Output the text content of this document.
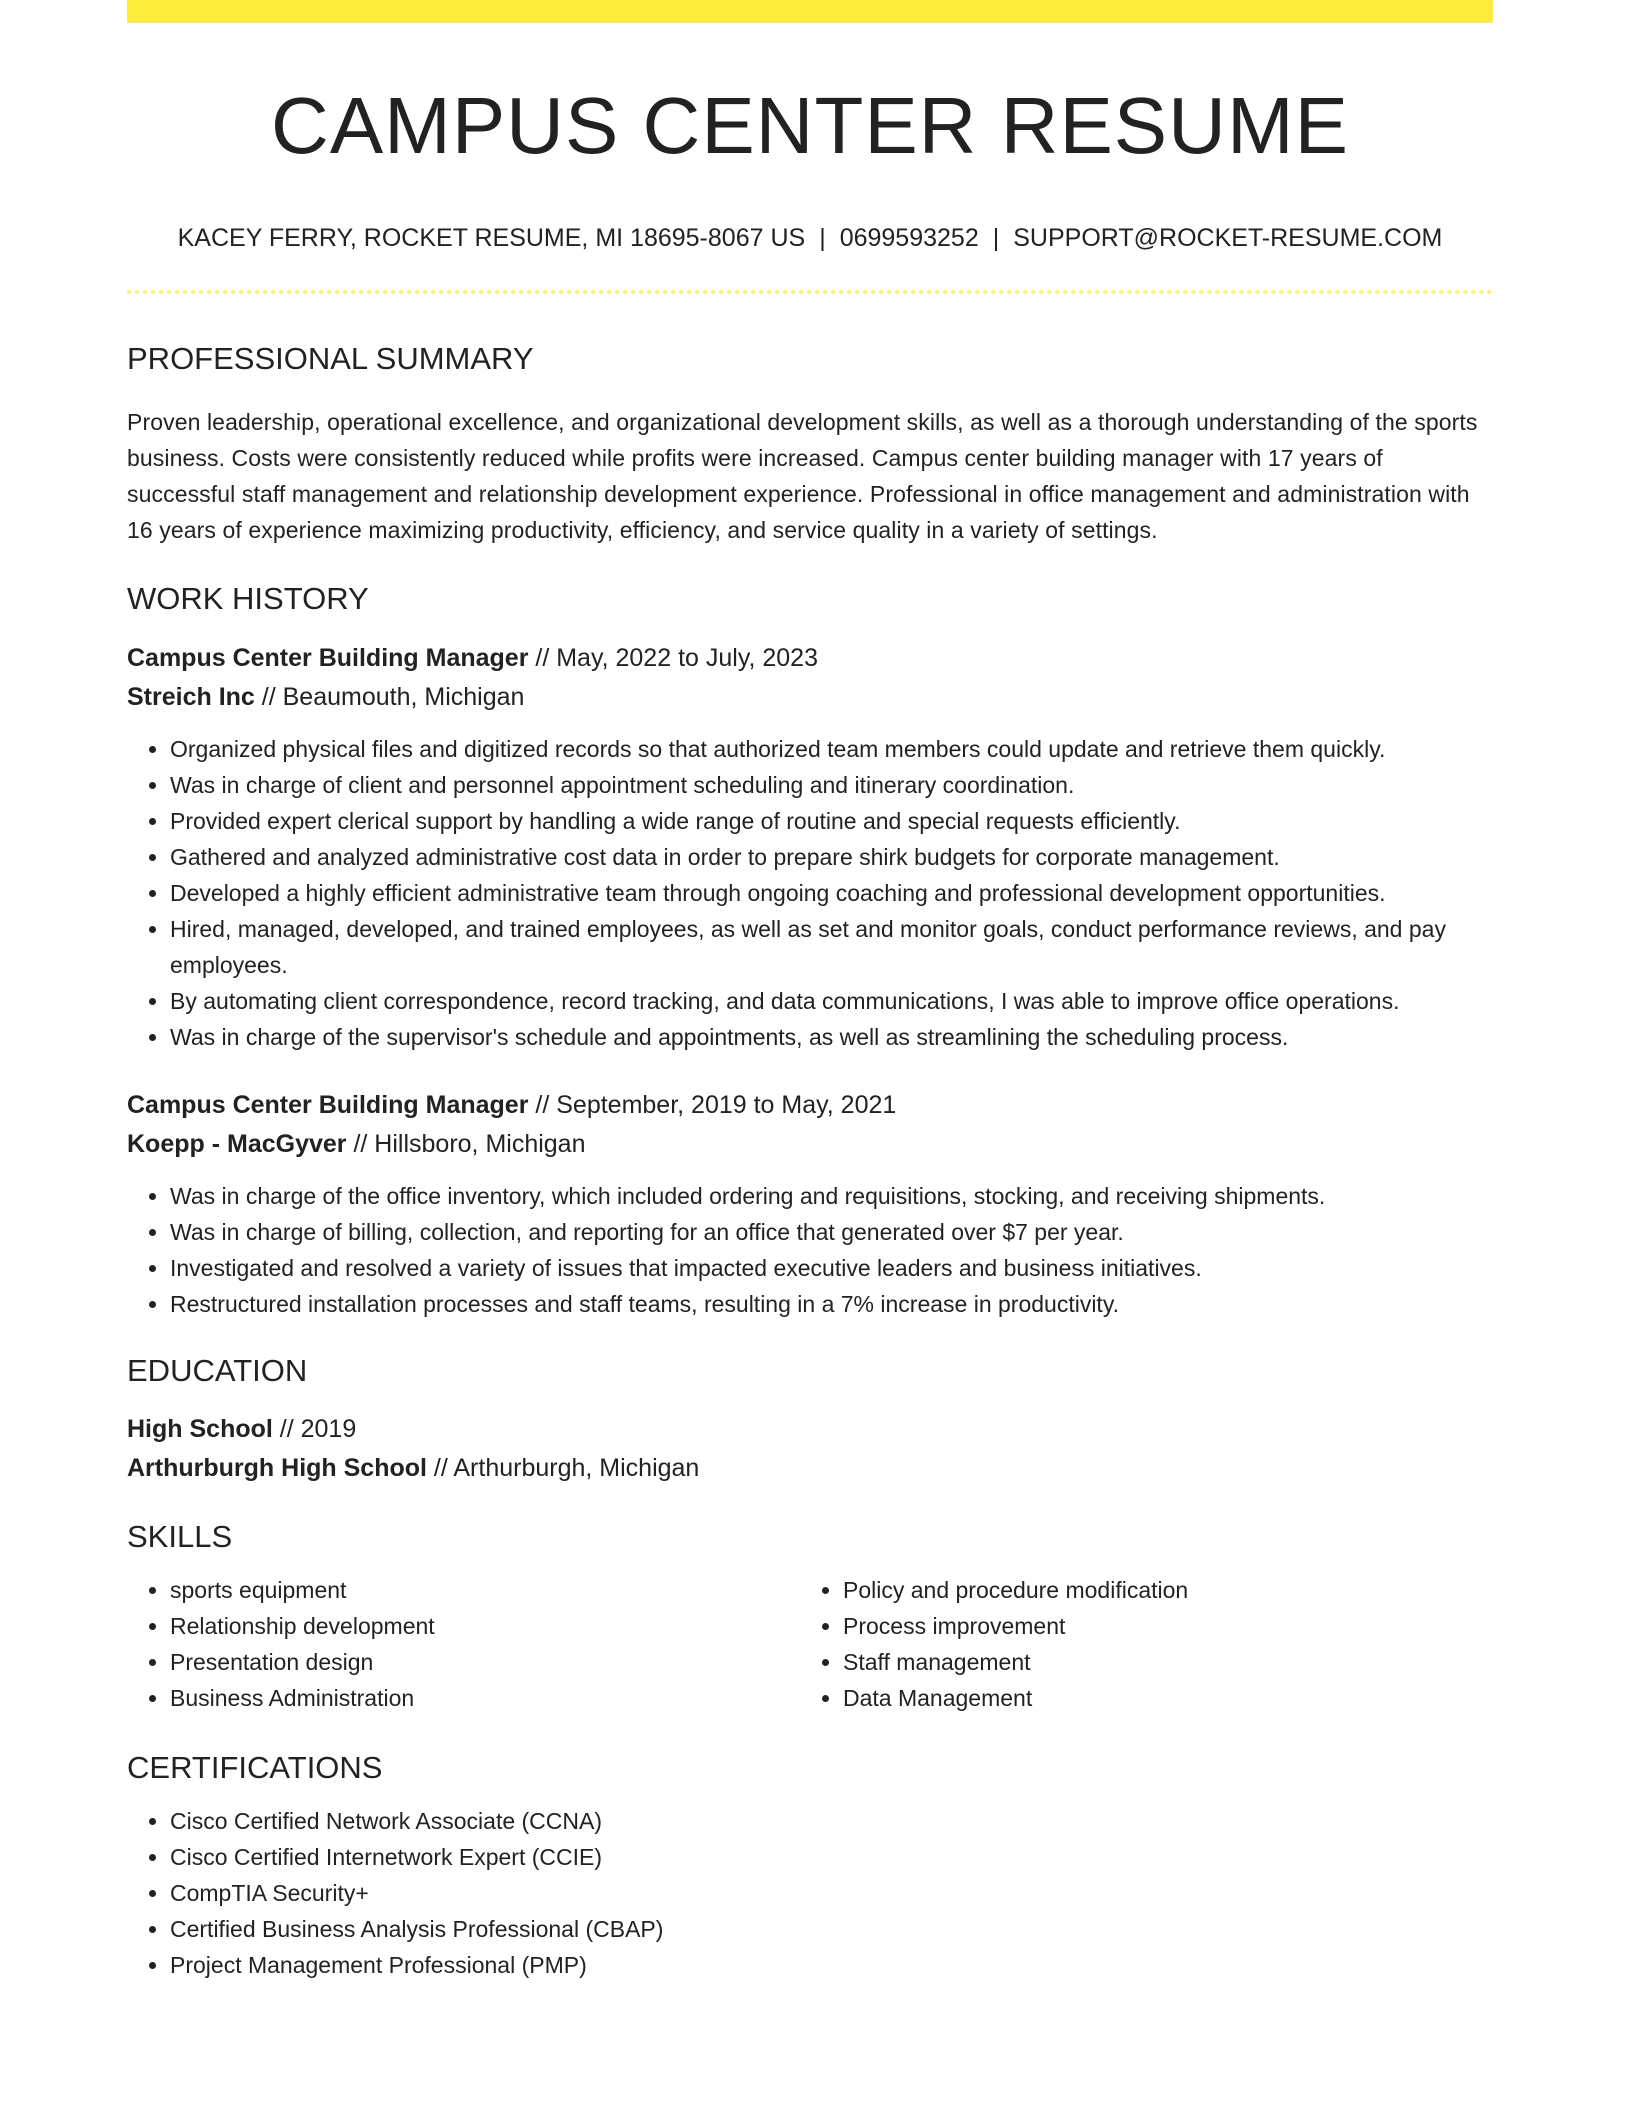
CAMPUS CENTER RESUME
KACEY FERRY, ROCKET RESUME, MI 18695-8067 US | 0699593252 | SUPPORT@ROCKET-RESUME.COM
PROFESSIONAL SUMMARY

Proven leadership, operational excellence, and organizational development skills, as well as a thorough understanding of the sports business. Costs were consistently reduced while profits were increased. Campus center building manager with 17 years of successful staff management and relationship development experience. Professional in office management and administration with 16 years of experience maximizing productivity, efficiency, and service quality in a variety of settings.

WORK HISTORY
Campus Center Building Manager // May, 2022 to July, 2023
Streich Inc // Beaumouth, Michigan
• Organized physical files and digitized records so that authorized team members could update and retrieve them quickly.
• Was in charge of client and personnel appointment scheduling and itinerary coordination.
• Provided expert clerical support by handling a wide range of routine and special requests efficiently.
• Gathered and analyzed administrative cost data in order to prepare shirk budgets for corporate management.
• Developed a highly efficient administrative team through ongoing coaching and professional development opportunities.
• Hired, managed, developed, and trained employees, as well as set and monitor goals, conduct performance reviews, and pay employees.
• By automating client correspondence, record tracking, and data communications, I was able to improve office operations.
• Was in charge of the supervisor's schedule and appointments, as well as streamlining the scheduling process.
Campus Center Building Manager // September, 2019 to May, 2021
Koepp - MacGyver // Hillsboro, Michigan
• Was in charge of the office inventory, which included ordering and requisitions, stocking, and receiving shipments.
• Was in charge of billing, collection, and reporting for an office that generated over $7 per year.
• Investigated and resolved a variety of issues that impacted executive leaders and business initiatives.
• Restructured installation processes and staff teams, resulting in a 7% increase in productivity.
EDUCATION
High School // 2019
Arthurburgh High School // Arthurburgh, Michigan
SKILLS
• sports equipment
• Relationship development
• Presentation design
• Business Administration
• Policy and procedure modification
• Process improvement
• Staff management
• Data Management
CERTIFICATIONS
• Cisco Certified Network Associate (CCNA)
• Cisco Certified Internetwork Expert (CCIE)
• CompTIA Security+
• Certified Business Analysis Professional (CBAP)
• Project Management Professional (PMP)
